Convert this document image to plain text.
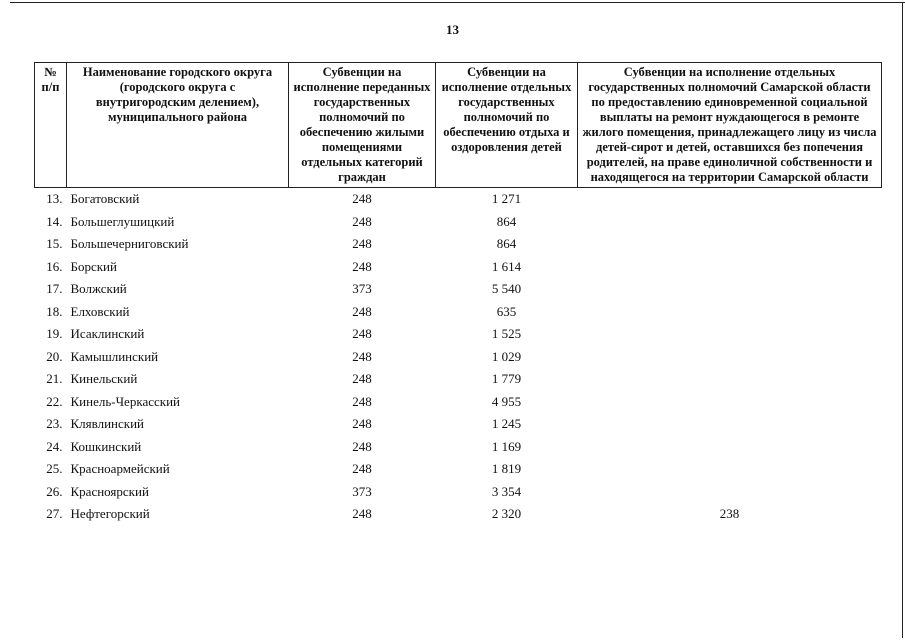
13
№ п/п	Наименование городского округа (городского округа с внутригородским делением), муниципального района	Субвенции на исполнение переданных государственных полномочий по обеспечению жилыми помещениями отдельных категорий граждан	Субвенции на исполнение отдельных государственных полномочий по обеспечению отдыха и оздоровления детей	Субвенции на исполнение отдельных государственных полномочий Самарской области по предоставлению единовременной социальной выплаты на ремонт нуждающегося в ремонте жилого помещения, принадлежащего лицу из числа детей-сирот и детей, оставшихся без попечения родителей, на праве единоличной собственности и находящегося на территории Самарской области
13.	Богатовский	248	1 271	
14.	Большеглушицкий	248	864	
15.	Большечерниговский	248	864	
16.	Борский	248	1 614	
17.	Волжский	373	5 540	
18.	Елховский	248	635	
19.	Исаклинский	248	1 525	
20.	Камышлинский	248	1 029	
21.	Кинельский	248	1 779	
22.	Кинель-Черкасский	248	4 955	
23.	Клявлинский	248	1 245	
24.	Кошкинский	248	1 169	
25.	Красноармейский	248	1 819	
26.	Красноярский	373	3 354	
27.	Нефтегорский	248	2 320	238
